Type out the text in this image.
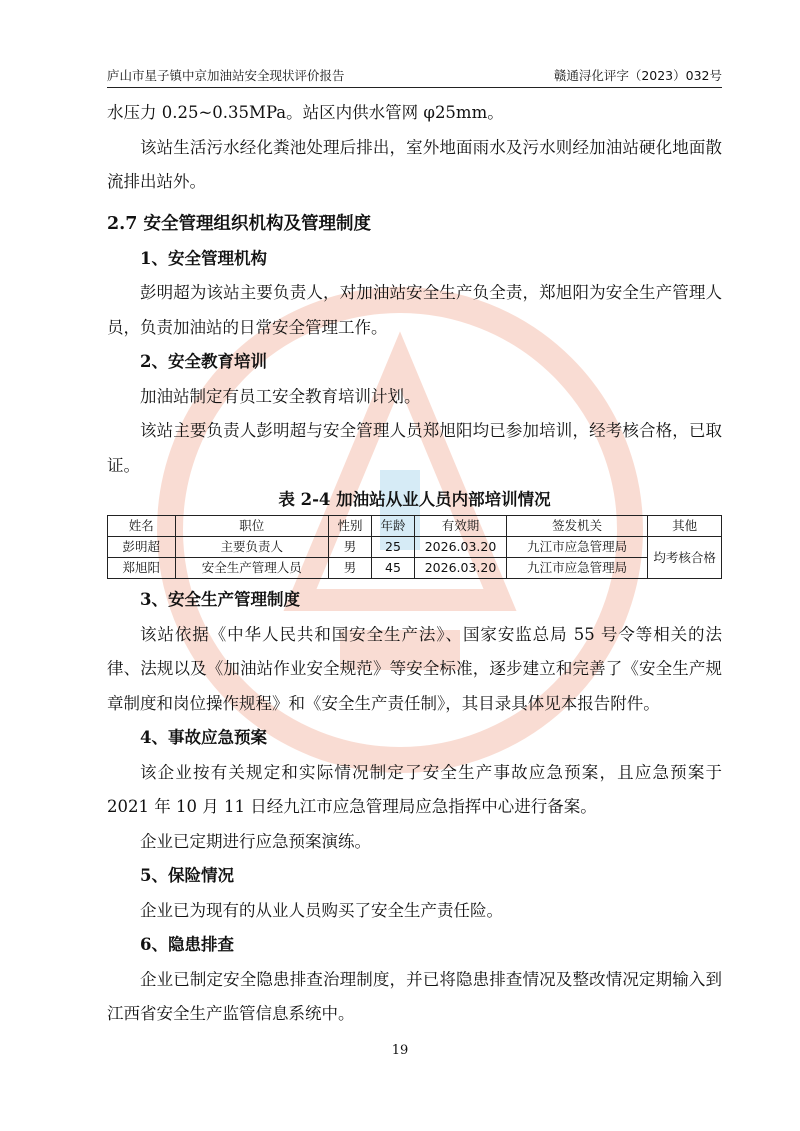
庐山市星子镇中京加油站安全现状评价报告	赣通浔化评字（2023）032号

水压力 0.25~0.35MPa。站区内供水管网 φ25mm。

该站生活污水经化粪池处理后排出，室外地面雨水及污水则经加油站硬化地面散流排出站外。

2.7 安全管理组织机构及管理制度
1、安全管理机构

彭明超为该站主要负责人，对加油站安全生产负全责，郑旭阳为安全生产管理人员，负责加油站的日常安全管理工作。

2、安全教育培训

加油站制定有员工安全教育培训计划。

该站主要负责人彭明超与安全管理人员郑旭阳均已参加培训，经考核合格，已取证。

表 2-4 加油站从业人员内部培训情况
姓名	职位	性别	年龄	有效期	签发机关	其他
彭明超	主要负责人	男	25	2026.03.20	九江市应急管理局	均考核合格
郑旭阳	安全生产管理人员	男	45	2026.03.20	九江市应急管理局	
3、安全生产管理制度

该站依据《中华人民共和国安全生产法》、国家安监总局 55 号令等相关的法律、法规以及《加油站作业安全规范》等安全标准，逐步建立和完善了《安全生产规章制度和岗位操作规程》和《安全生产责任制》，其目录具体见本报告附件。

4、事故应急预案

该企业按有关规定和实际情况制定了安全生产事故应急预案，且应急预案于 2021 年 10 月 11 日经九江市应急管理局应急指挥中心进行备案。

企业已定期进行应急预案演练。

5、保险情况

企业已为现有的从业人员购买了安全生产责任险。

6、隐患排查

企业已制定安全隐患排查治理制度，并已将隐患排查情况及整改情况定期输入到江西省安全生产监管信息系统中。

19
